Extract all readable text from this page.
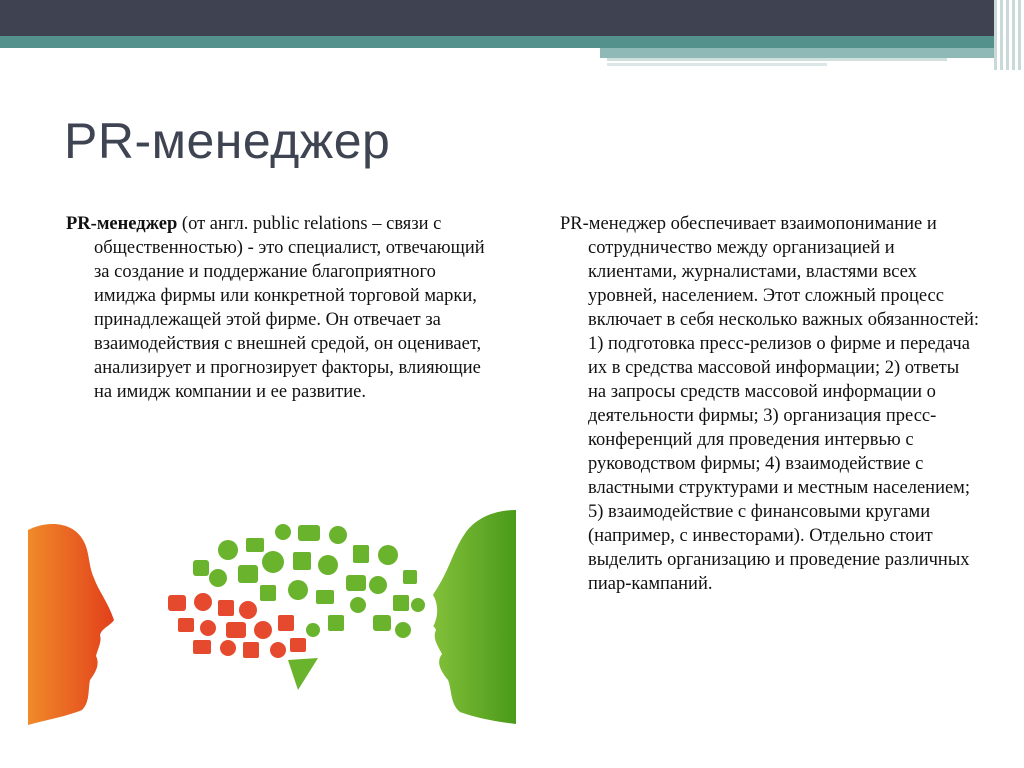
PR-менеджер

PR-менеджер (от англ. public relations – связи с общественностью) - это специалист, отвечающий за создание и поддержание благоприятного имиджа фирмы или конкретной торговой марки, принадлежащей этой фирме. Он отвечает за взаимодействия с внешней средой, он оценивает, анализирует и прогнозирует факторы, влияющие на имидж компании и ее развитие.

PR-менеджер обеспечивает взаимопонимание и сотрудничество между организацией и клиентами, журналистами, властями всех уровней, населением. Этот сложный процесс включает в себя несколько важных обязанностей: 1) подготовка пресс-релизов о фирме и передача их в средства массовой информации; 2) ответы на запросы средств массовой информации о деятельности фирмы; 3) организация пресс-конференций для проведения интервью с руководством фирмы; 4) взаимодействие с властными структурами и местным населением; 5) взаимодействие с финансовыми кругами (например, с инвесторами). Отдельно стоит выделить организацию и проведение различных пиар-кампаний.
